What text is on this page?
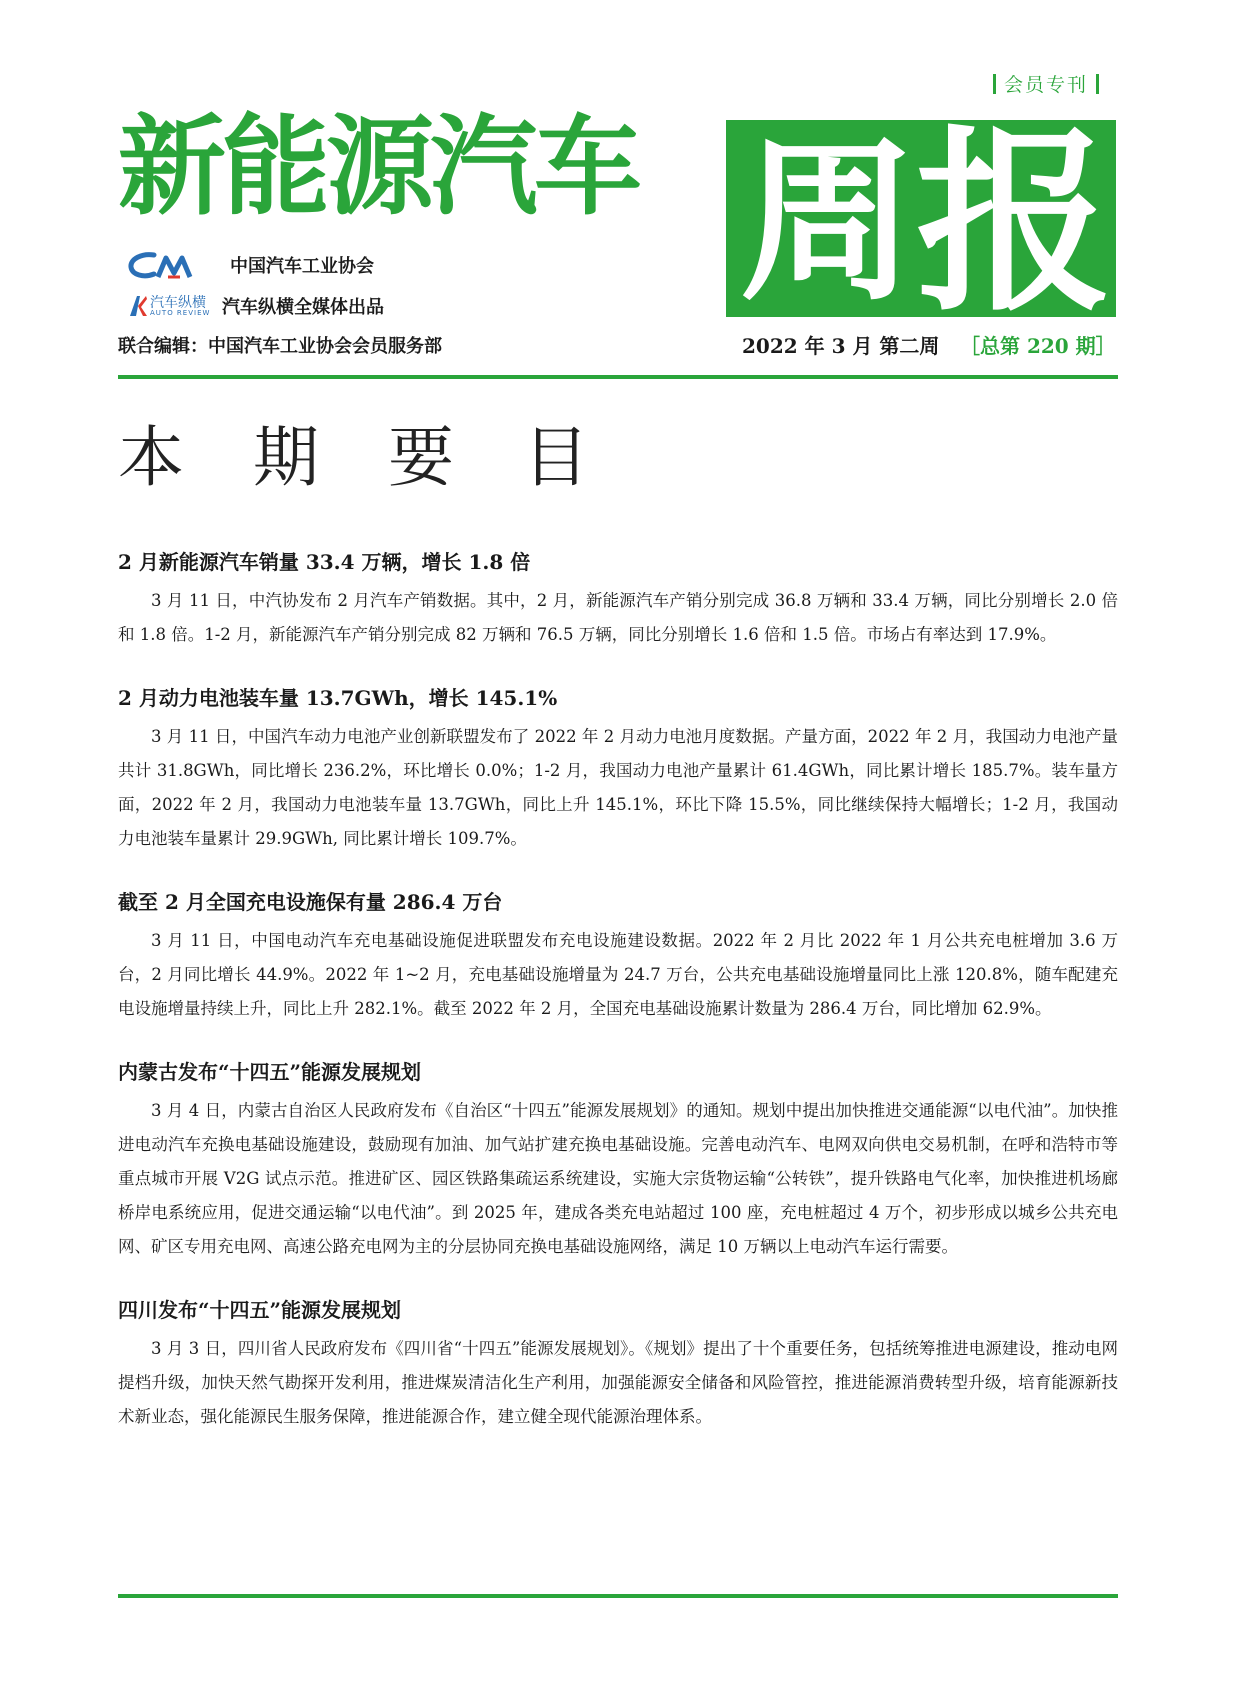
会员专刊
新能源汽车 周 报
中国汽车工业协会
汽车纵横
AUTO REVIEW 汽车纵横全媒体出品
联合编辑：中国汽车工业协会会员服务部	2022 年 3 月 第二周 ［总第 220 期］
本 期 要 目
2 月新能源汽车销量 33.4 万辆，增长 1.8 倍

3 月 11 日，中汽协发布 2 月汽车产销数据。其中，2 月，新能源汽车产销分别完成 36.8 万辆和 33.4 万辆，同比分别增长 2.0 倍和 1.8 倍。1-2 月，新能源汽车产销分别完成 82 万辆和 76.5 万辆，同比分别增长 1.6 倍和 1.5 倍。市场占有率达到 17.9%。

2 月动力电池装车量 13.7GWh，增长 145.1%

3 月 11 日，中国汽车动力电池产业创新联盟发布了 2022 年 2 月动力电池月度数据。产量方面，2022 年 2 月，我国动力电池产量共计 31.8GWh，同比增长 236.2%，环比增长 0.0%；1-2 月，我国动力电池产量累计 61.4GWh，同比累计增长 185.7%。装车量方面，2022 年 2 月，我国动力电池装车量 13.7GWh，同比上升 145.1%，环比下降 15.5%，同比继续保持大幅增长；1-2 月，我国动力电池装车量累计 29.9GWh, 同比累计增长 109.7%。

截至 2 月全国充电设施保有量 286.4 万台

3 月 11 日，中国电动汽车充电基础设施促进联盟发布充电设施建设数据。2022 年 2 月比 2022 年 1 月公共充电桩增加 3.6 万台，2 月同比增长 44.9%。2022 年 1~2 月，充电基础设施增量为 24.7 万台，公共充电基础设施增量同比上涨 120.8%，随车配建充电设施增量持续上升，同比上升 282.1%。截至 2022 年 2 月，全国充电基础设施累计数量为 286.4 万台，同比增加 62.9%。

内蒙古发布“十四五”能源发展规划

3 月 4 日，内蒙古自治区人民政府发布《自治区“十四五”能源发展规划》的通知。规划中提出加快推进交通能源“以电代油”。加快推进电动汽车充换电基础设施建设，鼓励现有加油、加气站扩建充换电基础设施。完善电动汽车、电网双向供电交易机制，在呼和浩特市等重点城市开展 V2G 试点示范。推进矿区、园区铁路集疏运系统建设，实施大宗货物运输“公转铁”，提升铁路电气化率，加快推进机场廊桥岸电系统应用，促进交通运输“以电代油”。到 2025 年，建成各类充电站超过 100 座，充电桩超过 4 万个，初步形成以城乡公共充电网、矿区专用充电网、高速公路充电网为主的分层协同充换电基础设施网络，满足 10 万辆以上电动汽车运行需要。

四川发布“十四五”能源发展规划

3 月 3 日，四川省人民政府发布《四川省“十四五”能源发展规划》。《规划》提出了十个重要任务，包括统筹推进电源建设，推动电网提档升级，加快天然气勘探开发利用，推进煤炭清洁化生产利用，加强能源安全储备和风险管控，推进能源消费转型升级，培育能源新技术新业态，强化能源民生服务保障，推进能源合作，建立健全现代能源治理体系。
